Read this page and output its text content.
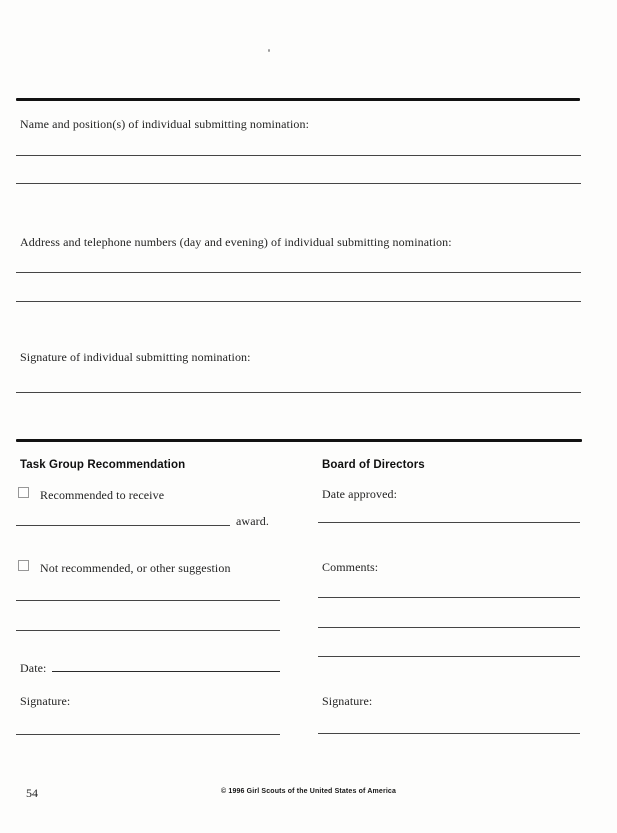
Name and position(s) of individual submitting nomination:
Address and telephone numbers (day and evening) of individual submitting nomination:
Signature of individual submitting nomination:
Task Group Recommendation
Recommended to receive
award.
Not recommended, or other suggestion
Date:
Signature:
Board of Directors
Date approved:
Comments:
Signature:
54	© 1996 Girl Scouts of the United States of America
